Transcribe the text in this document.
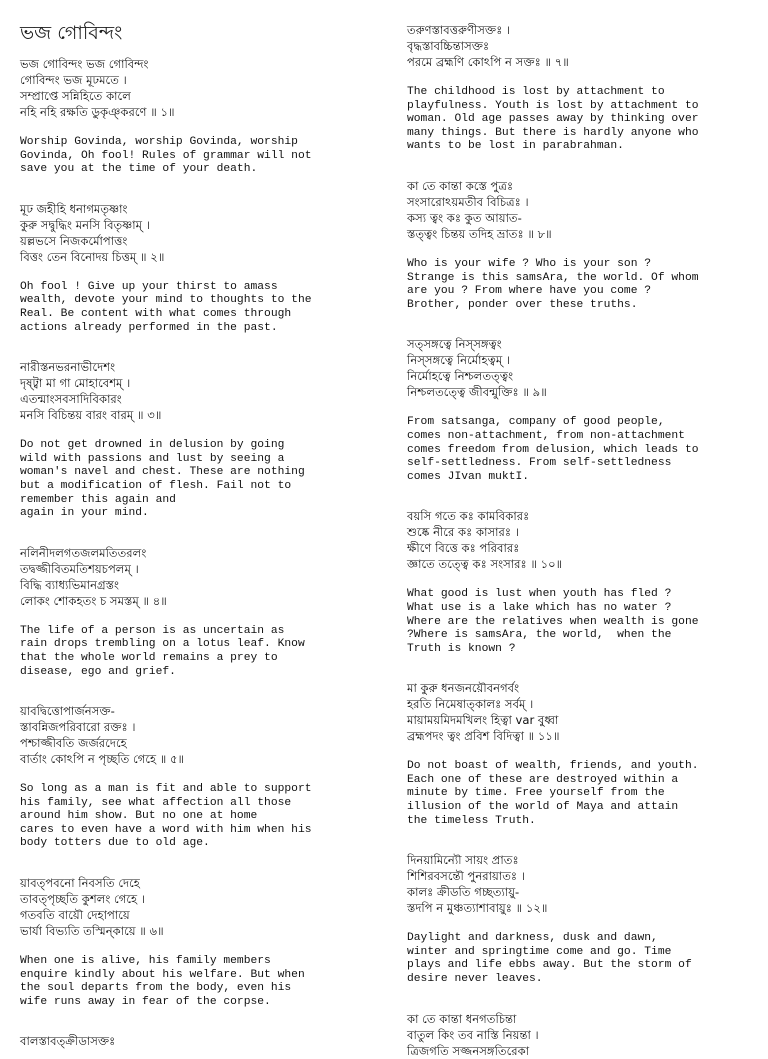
ভজ গোবিন্দং
ভজ গোবিন্দং ভজ গোবিন্দং
গোবিন্দং ভজ মূঢমতে ।
সম্প্রাপ্তে সন্নিহিতে কালে
নহি নহি রক্ষতি ডুকৃঞ্করণে ॥ ১॥
Worship Govinda, worship Govinda, worship
Govinda, Oh fool! Rules of grammar will not
save you at the time of your death.
মূঢ জহীহি ধনাগমতৃষ্ণাং
কুরু সদ্বুদ্ধিং মনসি বিতৃষ্ণাম্ ।
য়ল্লভসে নিজকর্মোপাত্তং
বিত্তং তেন বিনোদয় চিত্তম্ ॥ ২॥
Oh fool ! Give up your thirst to amass
wealth, devote your mind to thoughts to the
Real. Be content with what comes through
actions already performed in the past.
নারীস্তনভরনাভীদেশং
দৃষ্ট্বা মা গা মোহাবেশম্ ।
এতন্মাংসবসাদিবিকারং
মনসি বিচিন্তয় বারং বারম্ ॥ ৩॥
Do not get drowned in delusion by going
wild with passions and lust by seeing a
woman's navel and chest. These are nothing
but a modification of flesh. Fail not to
remember this again and
again in your mind.
নলিনীদলগতজলমতিতরলং
তদ্বজ্জীবিতমতিশয়চপলম্ ।
বিদ্ধি ব্যাধ্যভিমানগ্রস্তং
লোকং শোকহতং চ সমস্তম্ ॥ ৪॥
The life of a person is as uncertain as
rain drops trembling on a lotus leaf. Know
that the whole world remains a prey to
disease, ego and grief.
য়াবদ্বিত্তোপার্জনসক্ত-
স্তাবন্নিজপরিবারো রক্তঃ ।
পশ্চাজ্জীবতি জর্জরদেহে
বার্তাং কোঽপি ন পৃচ্ছতি গেহে ॥ ৫॥
So long as a man is fit and able to support
his family, see what affection all those
around him show. But no one at home
cares to even have a word with him when his
body totters due to old age.
য়াবত্পবনো নিবসতি দেহে
তাবত্পৃচ্ছতি কুশলং গেহে ।
গতবতি বায়ৌ দেহাপায়ে
ভার্যা বিভ্যতি তস্মিন্কায়ে ॥ ৬॥
When one is alive, his family members
enquire kindly about his welfare. But when
the soul departs from the body, even his
wife runs away in fear of the corpse.
বালস্তাবত্ক্রীডাসক্তঃ
তরুণস্তাবত্তরুণীসক্তঃ ।
বৃদ্ধস্তাবচ্চিন্তাসক্তঃ
পরমে ব্রহ্মণি কোঽপি ন সক্তঃ ॥ ৭॥
The childhood is lost by attachment to
playfulness. Youth is lost by attachment to
woman. Old age passes away by thinking over
many things. But there is hardly anyone who
wants to be lost in parabrahman.
কা তে কান্তা কস্তে পুত্রঃ
সংসারোঽয়মতীব বিচিত্রঃ ।
কস্য ত্বং কঃ কুত আয়াত-
স্তত্ত্বং চিন্তয় তদিহ ভ্রাতঃ ॥ ৮॥
Who is your wife ? Who is your son ?
Strange is this samsAra, the world. Of whom
are you ? From where have you come ?
Brother, ponder over these truths.
সত্সঙ্গত্বে নিস্সঙ্গত্বং
নিস্সঙ্গত্বে নির্মোহত্বম্ ।
নির্মোহত্বে নিশ্চলতত্ত্বং
নিশ্চলতত্ত্বে জীবন্মুক্তিঃ ॥ ৯॥
From satsanga, company of good people,
comes non-attachment, from non-attachment
comes freedom from delusion, which leads to
self-settledness. From self-settledness
comes JIvan muktI.
বয়সি গতে কঃ কামবিকারঃ
শুষ্কে নীরে কঃ কাসারঃ ।
ক্ষীণে বিত্তে কঃ পরিবারঃ
জ্ঞাতে তত্ত্বে কঃ সংসারঃ ॥ ১০॥
What good is lust when youth has fled ?
What use is a lake which has no water ?
Where are the relatives when wealth is gone
?Where is samsAra, the world,  when the
Truth is known ?
মা কুরু ধনজনয়ৌবনগর্বং
হরতি নিমেষাত্কালঃ সর্বম্ ।
মায়াময়মিদমখিলং হিত্বা var বুধ্বা
ব্রহ্মপদং ত্বং প্রবিশ বিদিত্বা ॥ ১১॥
Do not boast of wealth, friends, and youth.
Each one of these are destroyed within a
minute by time. Free yourself from the
illusion of the world of Maya and attain
the timeless Truth.
দিনয়ামিন্যৌ সায়ং প্রাতঃ
শিশিরবসন্তৌ পুনরায়াতঃ ।
কালঃ ক্রীডতি গচ্ছত্যায়ু-
স্তদপি ন মুঞ্চত্যাশাবায়ুঃ ॥ ১২॥
Daylight and darkness, dusk and dawn,
winter and springtime come and go. Time
plays and life ebbs away. But the storm of
desire never leaves.
কা তে কান্তা ধনগতচিন্তা
বাতুল কিং তব নাস্তি নিয়ন্তা ।
ত্রিজগতি সজ্জনসঙ্গতিরেকা
